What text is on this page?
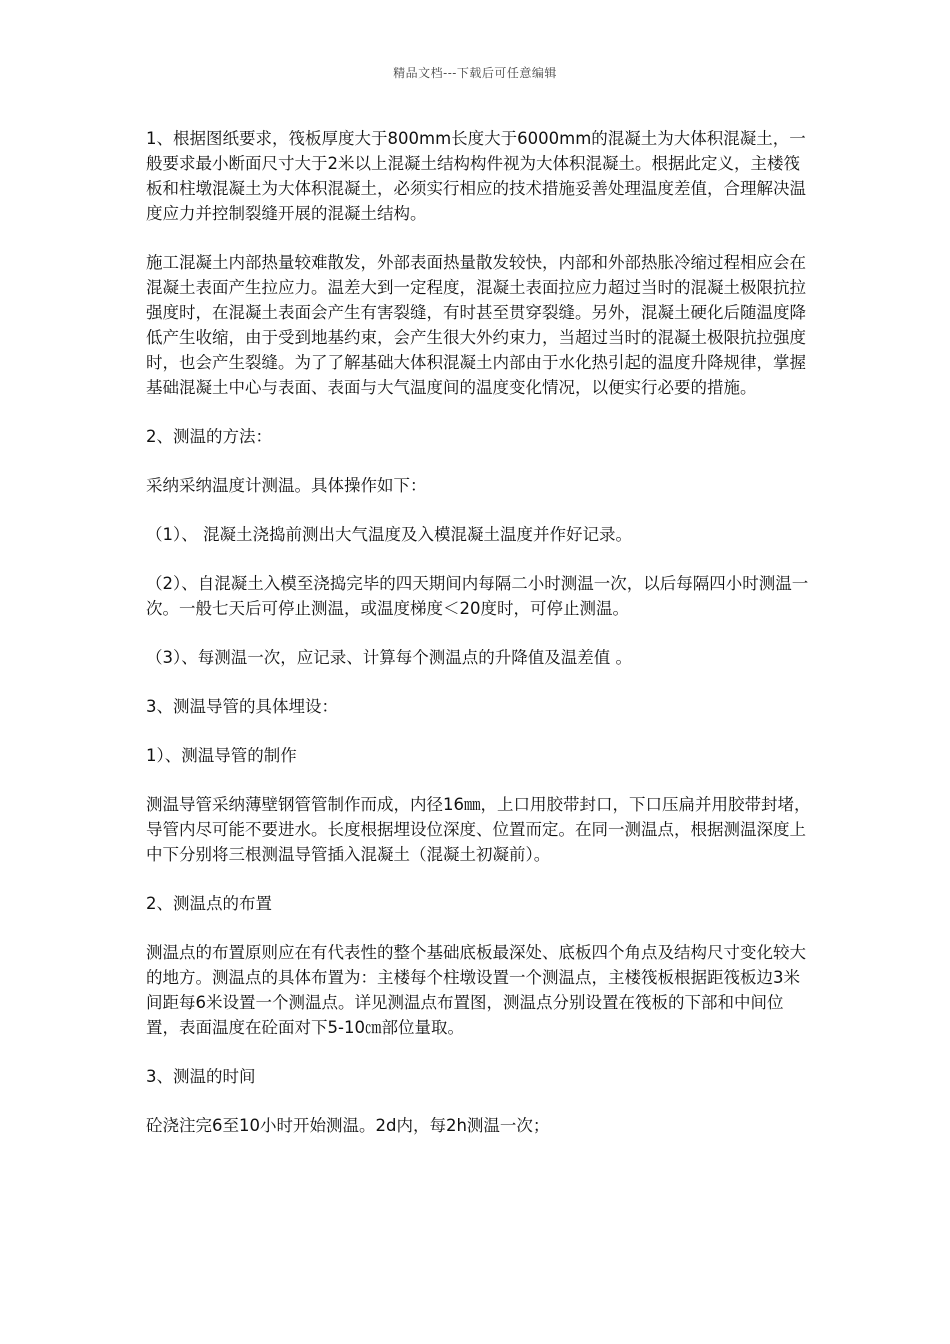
精品文档---下载后可任意编辑

1、根据图纸要求，筏板厚度大于800mm长度大于6000mm的混凝土为大体积混凝土，一般要求最小断面尺寸大于2米以上混凝土结构构件视为大体积混凝土。根据此定义，主楼筏板和柱墩混凝土为大体积混凝土，必须实行相应的技术措施妥善处理温度差值，合理解决温度应力并控制裂缝开展的混凝土结构。

施工混凝土内部热量较难散发，外部表面热量散发较快，内部和外部热胀冷缩过程相应会在混凝土表面产生拉应力。温差大到一定程度，混凝土表面拉应力超过当时的混凝土极限抗拉强度时，在混凝土表面会产生有害裂缝，有时甚至贯穿裂缝。另外，混凝土硬化后随温度降低产生收缩，由于受到地基约束，会产生很大外约束力，当超过当时的混凝土极限抗拉强度时，也会产生裂缝。为了了解基础大体积混凝土内部由于水化热引起的温度升降规律，掌握基础混凝土中心与表面、表面与大气温度间的温度变化情况，以便实行必要的措施。

2、测温的方法：

采纳采纳温度计测温。具体操作如下：

（1）、 混凝土浇捣前测出大气温度及入模混凝土温度并作好记录。

（2）、自混凝土入模至浇捣完毕的四天期间内每隔二小时测温一次，以后每隔四小时测温一次。一般七天后可停止测温，或温度梯度＜20度时，可停止测温。

（3）、每测温一次，应记录、计算每个测温点的升降值及温差值 。

3、测温导管的具体埋设：

1）、测温导管的制作

测温导管采纳薄壁钢管管制作而成，内径16㎜，上口用胶带封口，下口压扁并用胶带封堵，导管内尽可能不要进水。长度根据埋设位深度、位置而定。在同一测温点，根据测温深度上中下分别将三根测温导管插入混凝土（混凝土初凝前）。

2、测温点的布置

测温点的布置原则应在有代表性的整个基础底板最深处、底板四个角点及结构尺寸变化较大的地方。测温点的具体布置为：主楼每个柱墩设置一个测温点，主楼筏板根据距筏板边3米间距每6米设置一个测温点。详见测温点布置图，测温点分别设置在筏板的下部和中间位置，表面温度在砼面对下5-10㎝部位量取。

3、测温的时间

砼浇注完6至10小时开始测温。2d内，每2h测温一次；
